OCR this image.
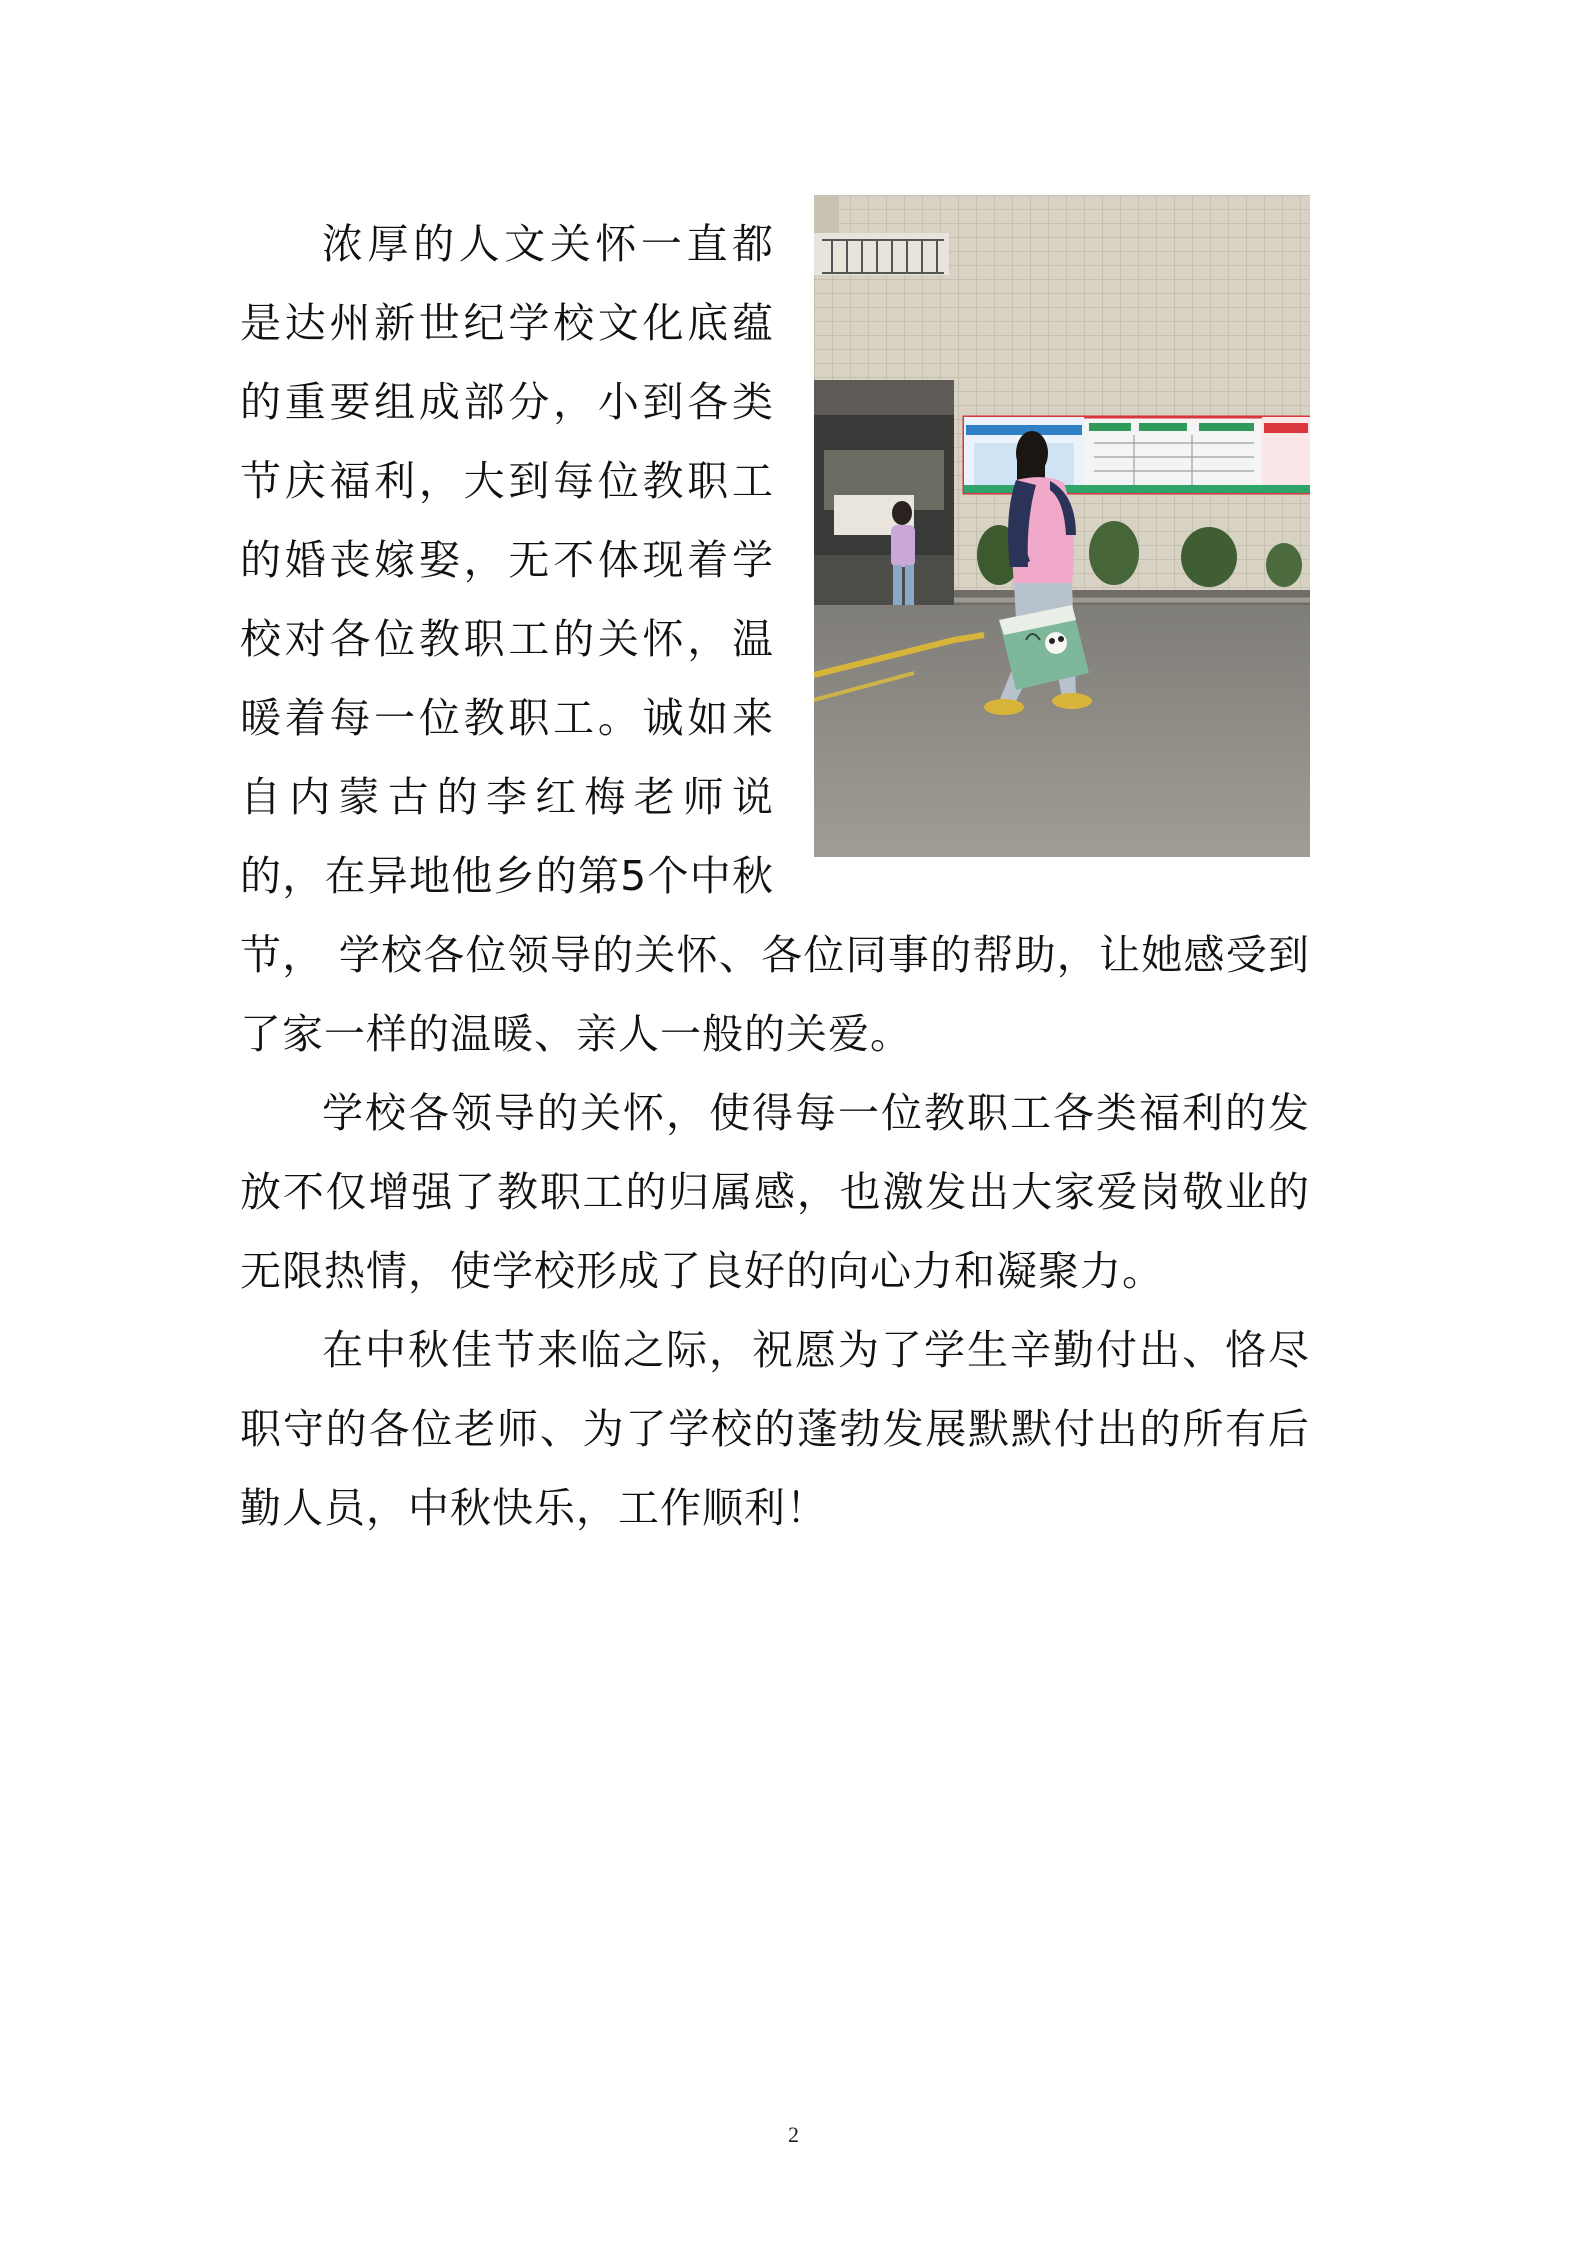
浓厚的人文关怀一直都是达州新世纪学校文化底蕴的重要组成部分，小到各类节庆福利，大到每位教职工的婚丧嫁娶，无不体现着学校对各位教职工的关怀，温暖着每一位教职工。诚如来自内蒙古的李红梅老师说的，在异地他乡的第5个中秋节， 学校各位领导的关怀、各位同事的帮助，让她感受到了家一样的温暖、亲人一般的关爱。

学校各领导的关怀，使得每一位教职工各类福利的发放不仅增强了教职工的归属感，也激发出大家爱岗敬业的无限热情，使学校形成了良好的向心力和凝聚力。

在中秋佳节来临之际，祝愿为了学生辛勤付出、恪尽职守的各位老师、为了学校的蓬勃发展默默付出的所有后勤人员，中秋快乐，工作顺利！

2
